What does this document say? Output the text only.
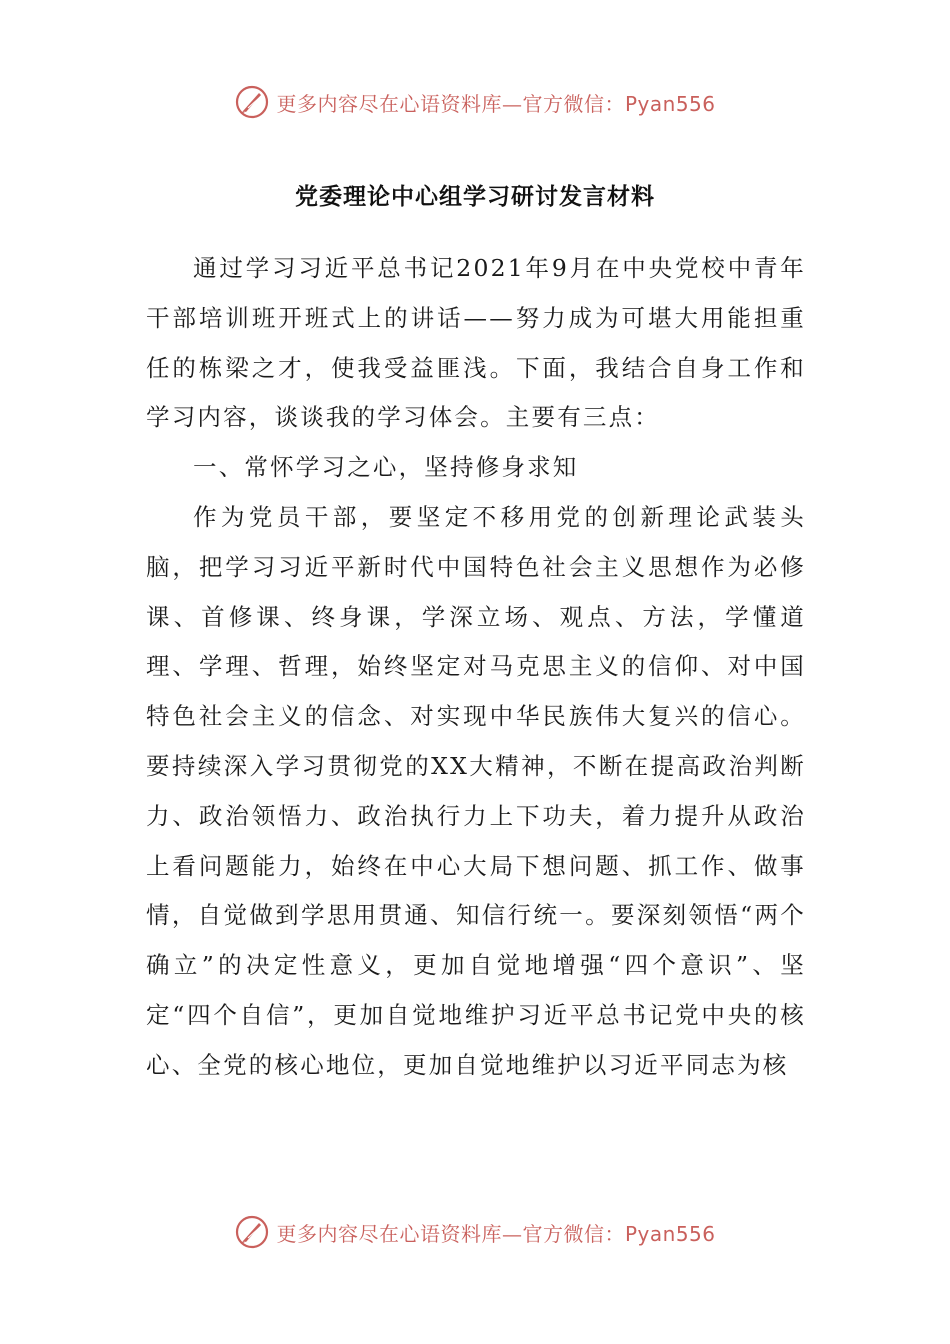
更多内容尽在心语资料库—官方微信：Pyan556
党委理论中心组学习研讨发言材料

通过学习习近平总书记2021年9月在中央党校中青年干部培训班开班式上的讲话——努力成为可堪大用能担重任的栋梁之才，使我受益匪浅。下面，我结合自身工作和学习内容，谈谈我的学习体会。主要有三点：

一、常怀学习之心，坚持修身求知

作为党员干部，要坚定不移用党的创新理论武装头脑，把学习习近平新时代中国特色社会主义思想作为必修课、首修课、终身课，学深立场、观点、方法，学懂道理、学理、哲理，始终坚定对马克思主义的信仰、对中国特色社会主义的信念、对实现中华民族伟大复兴的信心。要持续深入学习贯彻党的XX大精神，不断在提高政治判断力、政治领悟力、政治执行力上下功夫，着力提升从政治上看问题能力，始终在中心大局下想问题、抓工作、做事情，自觉做到学思用贯通、知信行统一。要深刻领悟“两个确立”的决定性意义，更加自觉地增强“四个意识”、坚定“四个自信”，更加自觉地维护习近平总书记党中央的核心、全党的核心地位，更加自觉地维护以习近平同志为核

更多内容尽在心语资料库—官方微信：Pyan556
